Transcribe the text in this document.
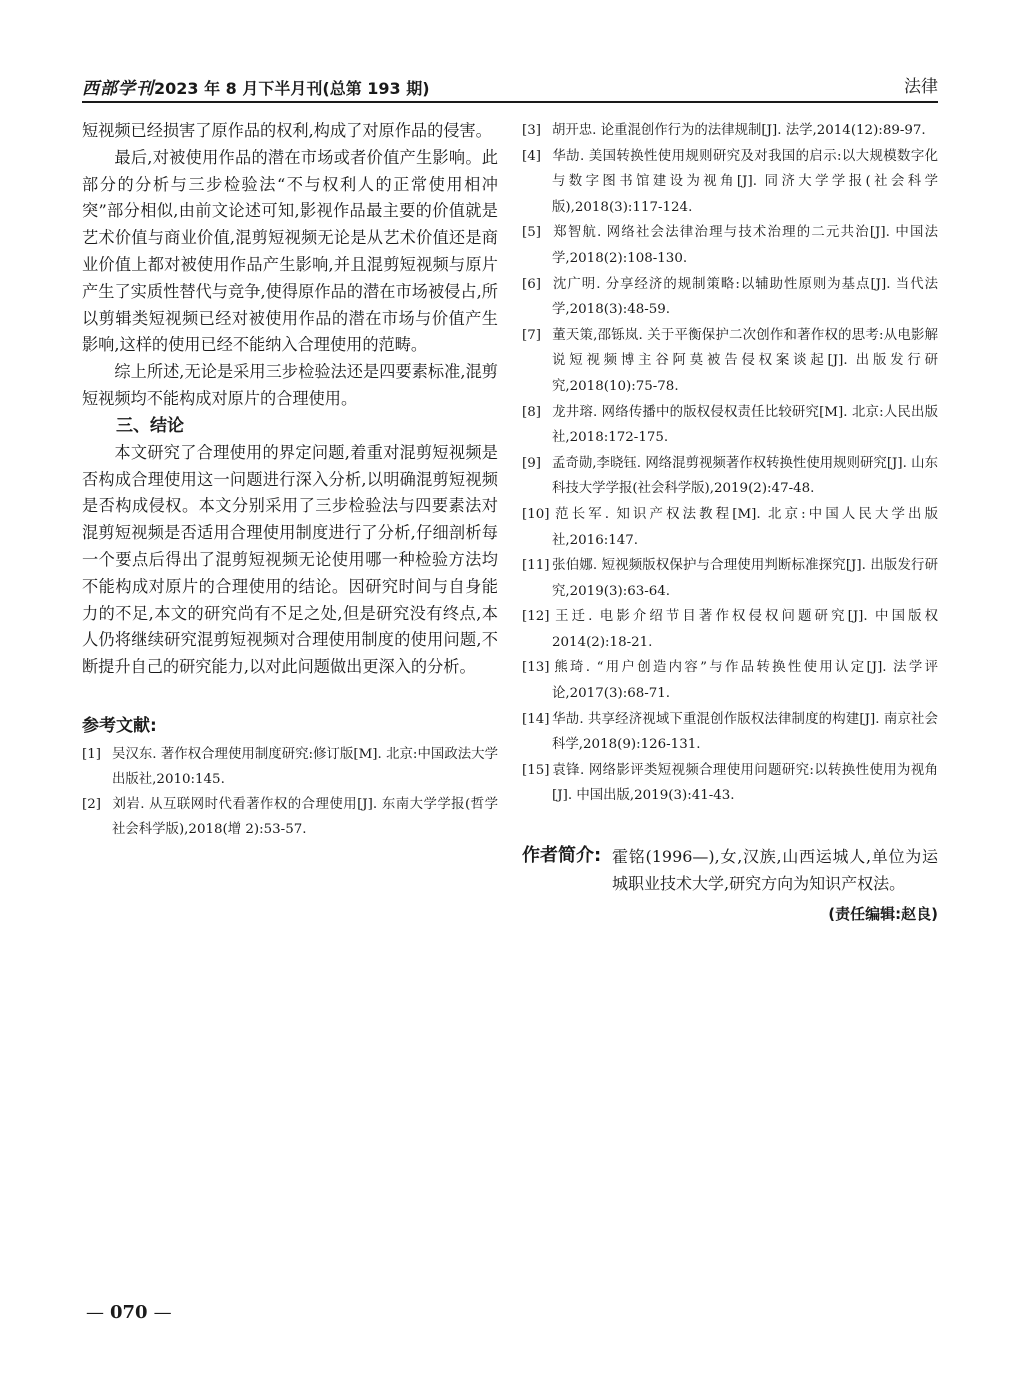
西部学刊2023 年 8 月下半月刊(总第 193 期)	法律

短视频已经损害了原作品的权利,构成了对原作品的侵害。

最后,对被使用作品的潜在市场或者价值产生影响。此部分的分析与三步检验法“不与权利人的正常使用相冲突”部分相似,由前文论述可知,影视作品最主要的价值就是艺术价值与商业价值,混剪短视频无论是从艺术价值还是商业价值上都对被使用作品产生影响,并且混剪短视频与原片产生了实质性替代与竞争,使得原作品的潜在市场被侵占,所以剪辑类短视频已经对被使用作品的潜在市场与价值产生影响,这样的使用已经不能纳入合理使用的范畴。

综上所述,无论是采用三步检验法还是四要素标准,混剪短视频均不能构成对原片的合理使用。

三、结论

本文研究了合理使用的界定问题,着重对混剪短视频是否构成合理使用这一问题进行深入分析,以明确混剪短视频是否构成侵权。本文分别采用了三步检验法与四要素法对混剪短视频是否适用合理使用制度进行了分析,仔细剖析每一个要点后得出了混剪短视频无论使用哪一种检验方法均不能构成对原片的合理使用的结论。因研究时间与自身能力的不足,本文的研究尚有不足之处,但是研究没有终点,本人仍将继续研究混剪短视频对合理使用制度的使用问题,不断提升自己的研究能力,以对此问题做出更深入的分析。

参考文献:

[1] 吴汉东. 著作权合理使用制度研究:修订版[M]. 北京:中国政法大学出版社,2010:145.

[2] 刘岩. 从互联网时代看著作权的合理使用[J]. 东南大学学报(哲学社会科学版),2018(增 2):53-57.

[3] 胡开忠. 论重混创作行为的法律规制[J]. 法学,2014(12):89-97.

[4] 华劼. 美国转换性使用规则研究及对我国的启示:以大规模数字化与数字图书馆建设为视角[J]. 同济大学学报(社会科学版),2018(3):117-124.

[5] 郑智航. 网络社会法律治理与技术治理的二元共治[J]. 中国法学,2018(2):108-130.

[6] 沈广明. 分享经济的规制策略:以辅助性原则为基点[J]. 当代法学,2018(3):48-59.

[7] 董天策,邵铄岚. 关于平衡保护二次创作和著作权的思考:从电影解说短视频博主谷阿莫被告侵权案谈起[J]. 出版发行研究,2018(10):75-78.

[8] 龙井瑢. 网络传播中的版权侵权责任比较研究[M]. 北京:人民出版社,2018:172-175.

[9] 孟奇勋,李晓钰. 网络混剪视频著作权转换性使用规则研究[J]. 山东科技大学学报(社会科学版),2019(2):47-48.

[10] 范长军. 知识产权法教程[M]. 北京:中国人民大学出版社,2016:147.

[11] 张伯娜. 短视频版权保护与合理使用判断标准探究[J]. 出版发行研究,2019(3):63-64.

[12] 王迁. 电影介绍节目著作权侵权问题研究[J]. 中国版权 2014(2):18-21.

[13] 熊琦. “用户创造内容”与作品转换性使用认定[J]. 法学评论,2017(3):68-71.

[14] 华劼. 共享经济视域下重混创作版权法律制度的构建[J]. 南京社会科学,2018(9):126-131.

[15] 袁锋. 网络影评类短视频合理使用问题研究:以转换性使用为视角[J]. 中国出版,2019(3):41-43.

作者简介: 霍铭(1996—),女,汉族,山西运城人,单位为运城职业技术大学,研究方向为知识产权法。
(责任编辑:赵良)
— 070 —
